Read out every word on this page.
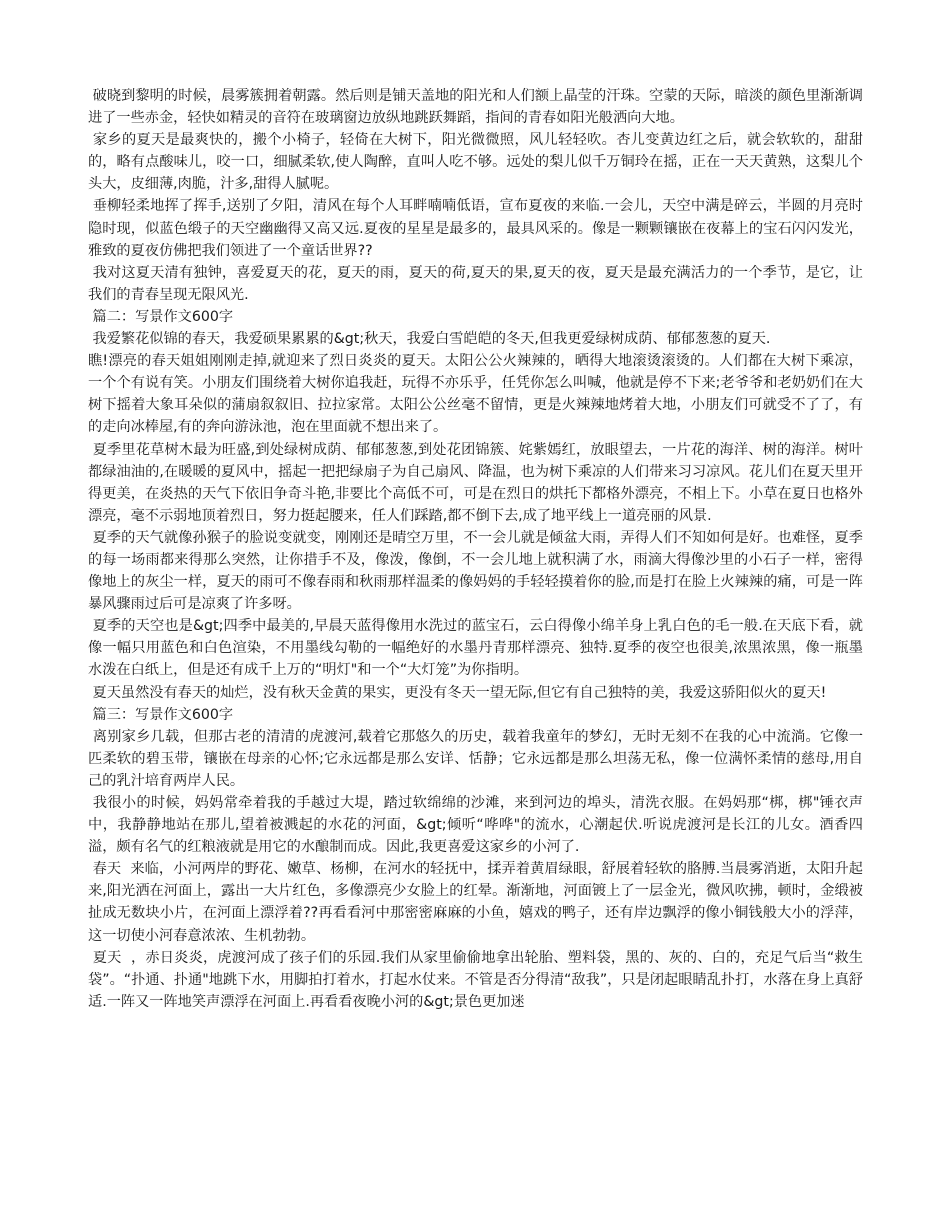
破晓到黎明的时候，晨雾簇拥着朝露。然后则是铺天盖地的阳光和人们额上晶莹的汗珠。空蒙的天际，暗淡的颜色里渐渐调进了一些赤金，轻快如精灵的音符在玻璃窗边放纵地跳跃舞蹈，指间的青春如阳光般洒向大地。

家乡的夏天是最爽快的，搬个小椅子，轻倚在大树下，阳光微微照，风儿轻轻吹。杏儿变黄边红之后，就会软软的，甜甜的，略有点酸味儿，咬一口，细腻柔软,使人陶醉，直叫人吃不够。远处的梨儿似千万铜玲在摇，正在一天天黄熟，这梨儿个头大，皮细薄,肉脆，汁多,甜得人腻呢。

垂柳轻柔地挥了挥手,送别了夕阳，清风在每个人耳畔喃喃低语，宣布夏夜的来临.一会儿，天空中满是碎云，半圆的月亮时隐时现，似蓝色缎子的天空幽幽得又高又远.夏夜的星星是最多的，最具风采的。像是一颗颗镶嵌在夜幕上的宝石闪闪发光，雅致的夏夜仿佛把我们领进了一个童话世界??

我对这夏天清有独钟，喜爱夏天的花，夏天的雨，夏天的荷,夏天的果,夏天的夜，夏天是最充满活力的一个季节，是它，让我们的青春呈现无限风光.

篇二：写景作文600字

我爱繁花似锦的春天，我爱硕果累累的&gt;秋天，我爱白雪皑皑的冬天,但我更爱绿树成荫、郁郁葱葱的夏天.

瞧!漂亮的春天姐姐刚刚走掉,就迎来了烈日炎炎的夏天。太阳公公火辣辣的，晒得大地滚烫滚烫的。人们都在大树下乘凉，一个个有说有笑。小朋友们围绕着大树你追我赶，玩得不亦乐乎，任凭你怎么叫喊，他就是停不下来;老爷爷和老奶奶们在大树下摇着大象耳朵似的蒲扇叙叙旧、拉拉家常。太阳公公丝毫不留情，更是火辣辣地烤着大地，小朋友们可就受不了了，有的走向冰棒屋,有的奔向游泳池，泡在里面就不想出来了。

夏季里花草树木最为旺盛,到处绿树成荫、郁郁葱葱,到处花团锦簇、姹紫嫣红，放眼望去，一片花的海洋、树的海洋。树叶都绿油油的,在暖暖的夏风中，摇起一把把绿扇子为自己扇风、降温，也为树下乘凉的人们带来习习凉风。花儿们在夏天里开得更美，在炎热的天气下依旧争奇斗艳,非要比个高低不可，可是在烈日的烘托下都格外漂亮，不相上下。小草在夏日也格外漂亮，毫不示弱地顶着烈日，努力挺起腰来，任人们踩踏,都不倒下去,成了地平线上一道亮丽的风景.

夏季的天气就像孙猴子的脸说变就变，刚刚还是晴空万里，不一会儿就是倾盆大雨，弄得人们不知如何是好。也难怪，夏季的每一场雨都来得那么突然，让你措手不及，像泼，像倒，不一会儿地上就积满了水，雨滴大得像沙里的小石子一样，密得像地上的灰尘一样，夏天的雨可不像春雨和秋雨那样温柔的像妈妈的手轻轻摸着你的脸,而是打在脸上火辣辣的痛，可是一阵暴风骤雨过后可是凉爽了许多呀。

夏季的天空也是&gt;四季中最美的,早晨天蓝得像用水洗过的蓝宝石，云白得像小绵羊身上乳白色的毛一般.在天底下看，就像一幅只用蓝色和白色渲染，不用墨线勾勒的一幅绝好的水墨丹青那样漂亮、独特.夏季的夜空也很美,浓黑浓黑，像一瓶墨水泼在白纸上，但是还有成千上万的“明灯"和一个“大灯笼”为你指明。

夏天虽然没有春天的灿烂，没有秋天金黄的果实，更没有冬天一望无际,但它有自己独特的美，我爱这骄阳似火的夏天!

篇三：写景作文600字

离别家乡几载，但那古老的清清的虎渡河,载着它那悠久的历史，载着我童年的梦幻，无时无刻不在我的心中流淌。它像一匹柔软的碧玉带，镶嵌在母亲的心怀;它永远都是那么安详、恬静；它永远都是那么坦荡无私，像一位满怀柔情的慈母,用自己的乳汁培育两岸人民。

我很小的时候，妈妈常牵着我的手越过大堤，踏过软绵绵的沙滩，来到河边的埠头，清洗衣服。在妈妈那“梆，梆"锤衣声中，我静静地站在那儿,望着被溅起的水花的河面，&gt;倾听“哗哗"的流水，心潮起伏.听说虎渡河是长江的儿女。酒香四溢，颇有名气的红粮液就是用它的水酿制而成。因此,我更喜爱这家乡的小河了.

春天  来临，小河两岸的野花、嫩草、杨柳，在河水的轻抚中，揉弄着黄眉绿眼，舒展着轻软的胳膊.当晨雾消逝，太阳升起来,阳光洒在河面上，露出一大片红色，多像漂亮少女脸上的红晕。渐渐地，河面镀上了一层金光，微风吹拂，顿时，金缎被扯成无数块小片，在河面上漂浮着??再看看河中那密密麻麻的小鱼，嬉戏的鸭子，还有岸边飘浮的像小铜钱般大小的浮萍，这一切使小河春意浓浓、生机勃勃。

夏天  ，赤日炎炎，虎渡河成了孩子们的乐园.我们从家里偷偷地拿出轮胎、塑料袋，黑的、灰的、白的，充足气后当“救生袋”。“扑通、扑通"地跳下水，用脚拍打着水，打起水仗来。不管是否分得清“敌我”，只是闭起眼睛乱扑打，水落在身上真舒适.一阵又一阵地笑声漂浮在河面上.再看看夜晚小河的&gt;景色更加迷
